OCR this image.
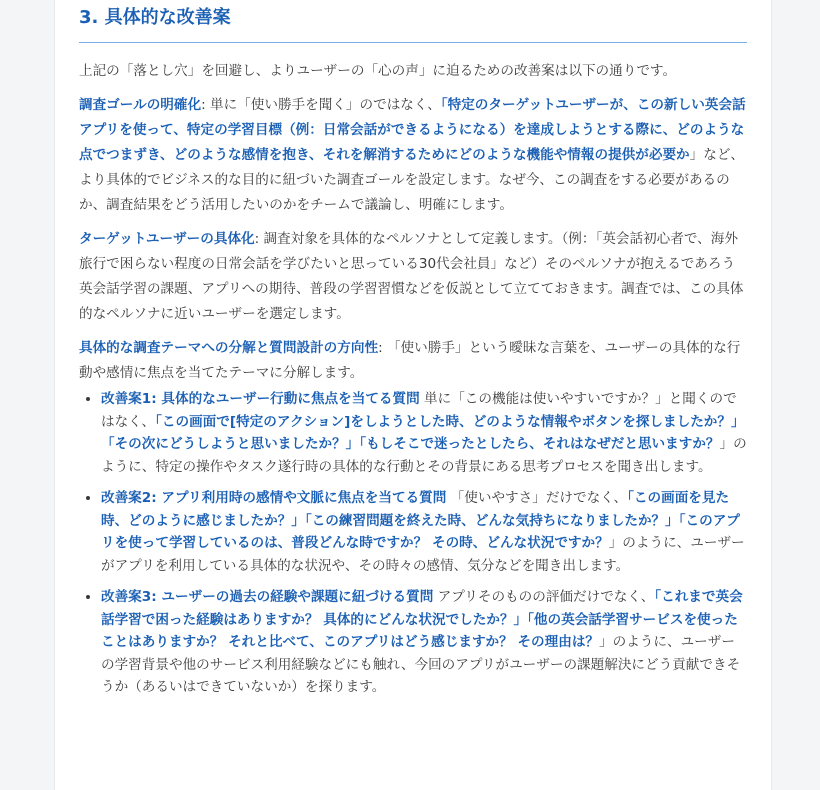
3. 具体的な改善案

上記の「落とし穴」を回避し、よりユーザーの「心の声」に迫るための改善案は以下の通りです。

調査ゴールの明確化: 単に「使い勝手を聞く」のではなく、「特定のターゲットユーザーが、この新しい英会話アプリを使って、特定の学習目標（例：日常会話ができるようになる）を達成しようとする際に、どのような点でつまずき、どのような感情を抱き、それを解消するためにどのような機能や情報の提供が必要か」など、より具体的でビジネス的な目的に紐づいた調査ゴールを設定します。なぜ今、この調査をする必要があるのか、調査結果をどう活用したいのかをチームで議論し、明確にします。

ターゲットユーザーの具体化: 調査対象を具体的なペルソナとして定義します。（例：「英会話初心者で、海外旅行で困らない程度の日常会話を学びたいと思っている30代会社員」など）そのペルソナが抱えるであろう英会話学習の課題、アプリへの期待、普段の学習習慣などを仮説として立てておきます。調査では、この具体的なペルソナに近いユーザーを選定します。

具体的な調査テーマへの分解と質問設計の方向性: 「使い勝手」という曖昧な言葉を、ユーザーの具体的な行動や感情に焦点を当てたテーマに分解します。

• 改善案1: 具体的なユーザー行動に焦点を当てる質問 単に「この機能は使いやすいですか？」と聞くのではなく、「この画面で[特定のアクション]をしようとした時、どのような情報やボタンを探しましたか？」「その次にどうしようと思いましたか？」「もしそこで迷ったとしたら、それはなぜだと思いますか？」のように、特定の操作やタスク遂行時の具体的な行動とその背景にある思考プロセスを聞き出します。
• 改善案2: アプリ利用時の感情や文脈に焦点を当てる質問 「使いやすさ」だけでなく、「この画面を見た時、どのように感じましたか？」「この練習問題を終えた時、どんな気持ちになりましたか？」「このアプリを使って学習しているのは、普段どんな時ですか？ その時、どんな状況ですか？」のように、ユーザーがアプリを利用している具体的な状況や、その時々の感情、気分などを聞き出します。
• 改善案3: ユーザーの過去の経験や課題に紐づける質問 アプリそのものの評価だけでなく、「これまで英会話学習で困った経験はありますか？ 具体的にどんな状況でしたか？」「他の英会話学習サービスを使ったことはありますか？ それと比べて、このアプリはどう感じますか？ その理由は？」のように、ユーザーの学習背景や他のサービス利用経験などにも触れ、今回のアプリがユーザーの課題解決にどう貢献できそうか（あるいはできていないか）を探ります。
